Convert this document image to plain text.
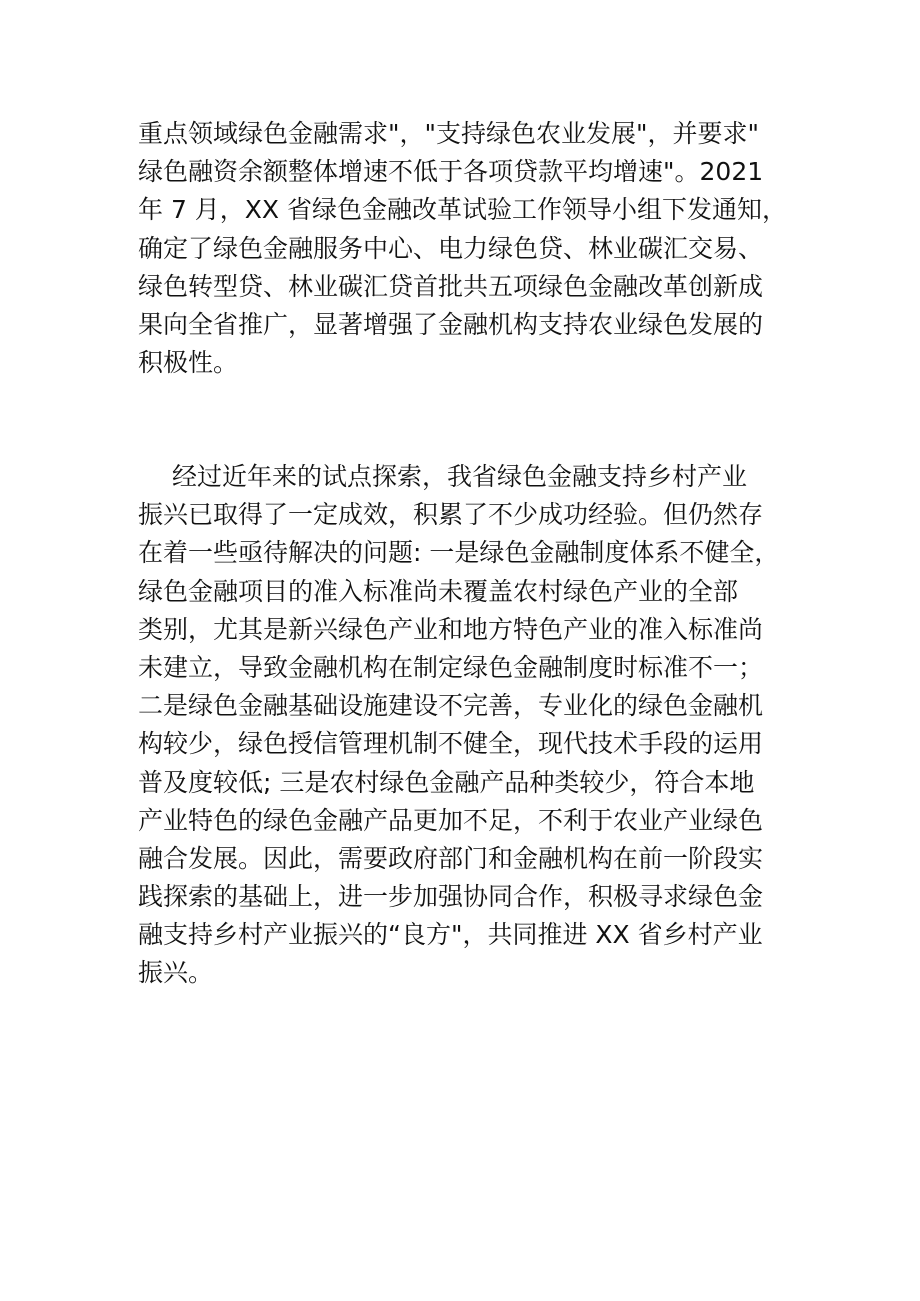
重点领域绿色金融需求"，"支持绿色农业发展"，并要求"
绿色融资余额整体增速不低于各项贷款平均增速"。2021
年 7 月，XX 省绿色金融改革试验工作领导小组下发通知，
确定了绿色金融服务中心、电力绿色贷、林业碳汇交易、
绿色转型贷、林业碳汇贷首批共五项绿色金融改革创新成
果向全省推广，显著增强了金融机构支持农业绿色发展的
积极性。
经过近年来的试点探索，我省绿色金融支持乡村产业
振兴已取得了一定成效，积累了不少成功经验。但仍然存
在着一些亟待解决的问题: 一是绿色金融制度体系不健全，
绿色金融项目的准入标准尚未覆盖农村绿色产业的全部
类别，尤其是新兴绿色产业和地方特色产业的准入标准尚
未建立，导致金融机构在制定绿色金融制度时标准不一；
二是绿色金融基础设施建设不完善，专业化的绿色金融机
构较少，绿色授信管理机制不健全，现代技术手段的运用
普及度较低; 三是农村绿色金融产品种类较少，符合本地
产业特色的绿色金融产品更加不足，不利于农业产业绿色
融合发展。因此，需要政府部门和金融机构在前一阶段实
践探索的基础上，进一步加强协同合作，积极寻求绿色金
融支持乡村产业振兴的“良方"，共同推进 XX 省乡村产业
振兴。
